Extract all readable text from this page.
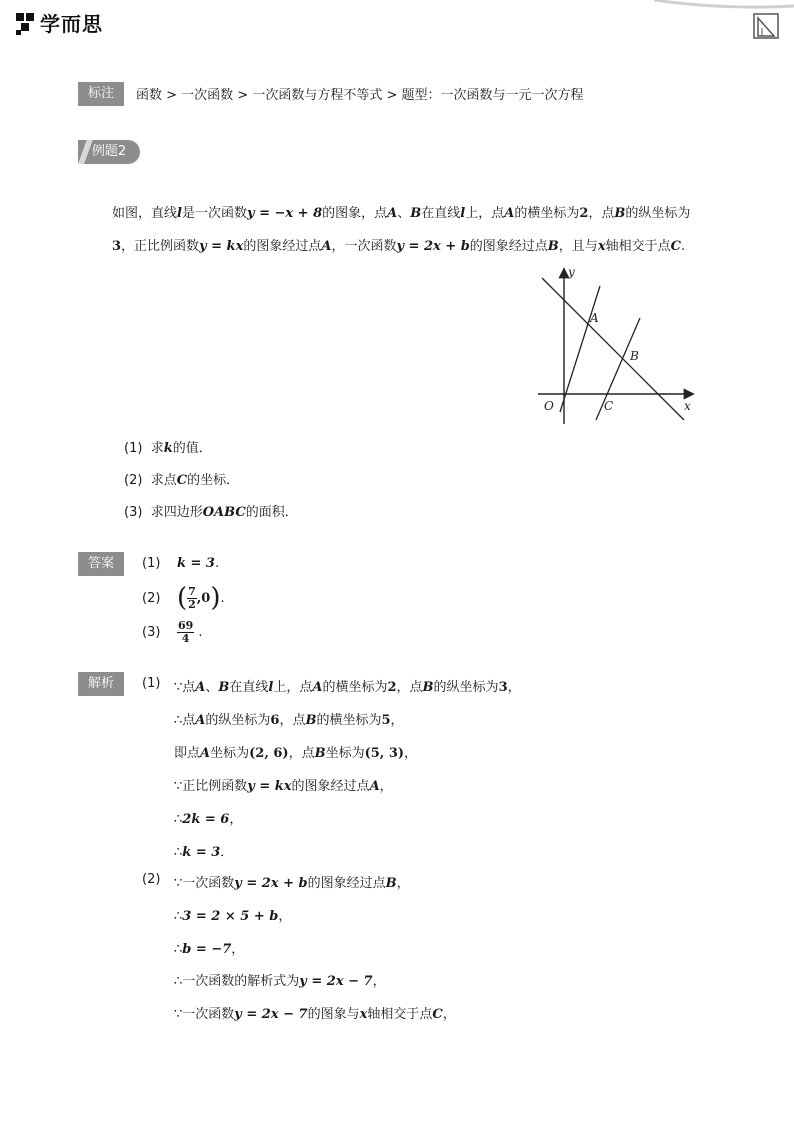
学而思
标注	函数 > 一次函数 > 一次函数与方程不等式 > 题型：一次函数与一元一次方程
例题2
如图，直线l是一次函数y = −x + 8的图象，点A、B在直线l上，点A的横坐标为2，点B的纵坐标为
3，正比例函数y = kx的图象经过点A，一次函数y = 2x + b的图象经过点B，且与x轴相交于点C.
y
x
O
A
B
C
(1) 求k的值．
(2) 求点C的坐标．
(3) 求四边形OABC的面积．
答案	(1) k = 3.
(2)
( $\frac{7}{2} ,0$ ) .
(3)
$\frac{69}{4}$
.
解析	(1) ∵点A、B在直线l上，点A的横坐标为2，点B的纵坐标为3，
∴点A的纵坐标为6，点B的横坐标为5，
即点A坐标为(2, 6)，点B坐标为(5, 3)，
∵正比例函数y = kx的图象经过点A，
∴2k = 6，
∴k = 3．
(2) ∵一次函数y = 2x + b的图象经过点B，
∴3 = 2 × 5 + b，
∴b = −7，
∴一次函数的解析式为y = 2x − 7，
∵一次函数y = 2x − 7的图象与x轴相交于点C，
